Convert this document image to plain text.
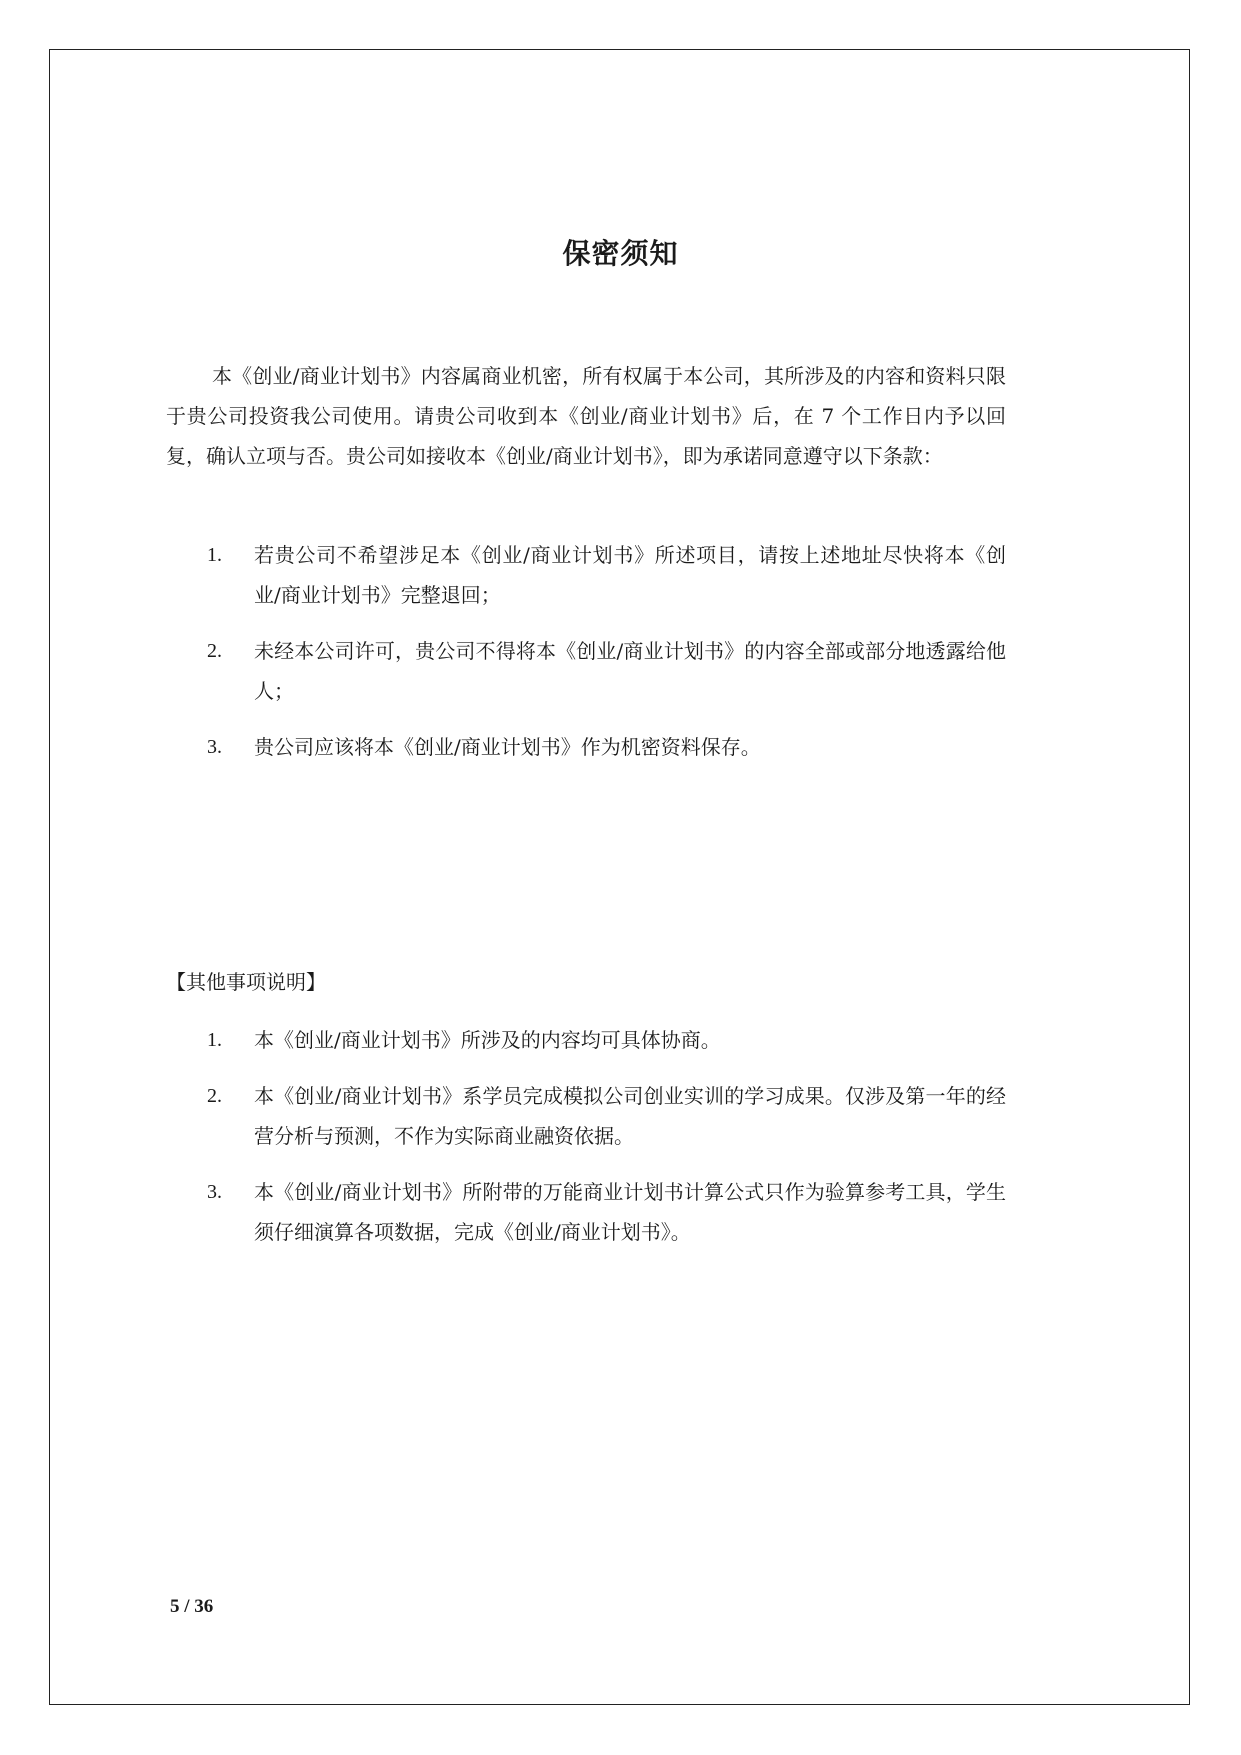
保密须知
本《创业/商业计划书》内容属商业机密，所有权属于本公司，其所涉及的内容和资料只限于贵公司投资我公司使用。请贵公司收到本《创业/商业计划书》后，在 7 个工作日内予以回复，确认立项与否。贵公司如接收本《创业/商业计划书》，即为承诺同意遵守以下条款：
1. 若贵公司不希望涉足本《创业/商业计划书》所述项目，请按上述地址尽快将本《创业/商业计划书》完整退回；
2. 未经本公司许可，贵公司不得将本《创业/商业计划书》的内容全部或部分地透露给他人；
3. 贵公司应该将本《创业/商业计划书》作为机密资料保存。
【其他事项说明】
1. 本《创业/商业计划书》所涉及的内容均可具体协商。
2. 本《创业/商业计划书》系学员完成模拟公司创业实训的学习成果。仅涉及第一年的经营分析与预测，不作为实际商业融资依据。
3. 本《创业/商业计划书》所附带的万能商业计划书计算公式只作为验算参考工具，学生须仔细演算各项数据，完成《创业/商业计划书》。
5 / 36
